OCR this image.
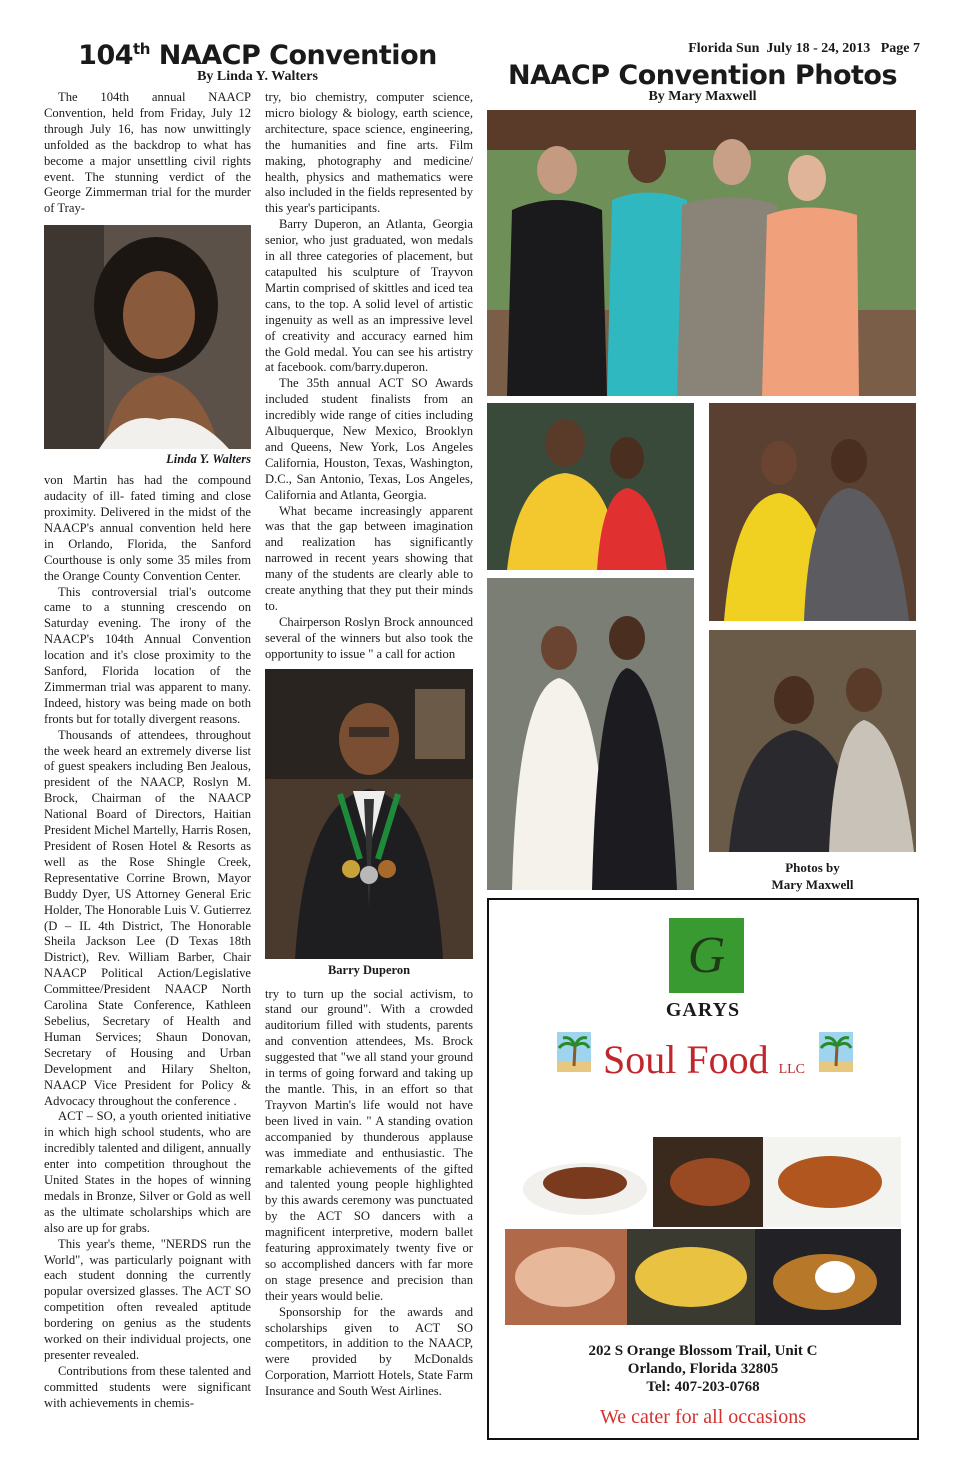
104th NAACP Convention
By Linda Y. Walters
Florida Sun  July 18 - 24, 2013   Page 7
NAACP Convention Photos
By Mary Maxwell

The 104th annual NAACP Convention, held from Friday, July 12 through July 16, has now unwittingly unfolded as the backdrop to what has become a major unsettling civil rights event. The stunning verdict of the George Zimmerman trial for the murder of Tray-

Linda Y. Walters

von Martin has had the compound audacity of ill- fated timing and close proximity. Delivered in the midst of the NAACP's annual convention held here in Orlando, Florida, the Sanford Courthouse is only some 35 miles from the Orange County Convention Center.

This controversial trial's outcome came to a stunning crescendo on Saturday evening. The irony of the NAACP's 104th Annual Convention location and it's close proximity to the Sanford, Florida location of the Zimmerman trial was apparent to many. Indeed, history was being made on both fronts but for totally divergent reasons.

Thousands of attendees, throughout the week heard an extremely diverse list of guest speakers including Ben Jealous, president of the NAACP, Roslyn M. Brock, Chairman of the NAACP National Board of Directors, Haitian President Michel Martelly, Harris Rosen, President of Rosen Hotel & Resorts as well as the Rose Shingle Creek, Representative Corrine Brown, Mayor Buddy Dyer, US Attorney General Eric Holder, The Honorable Luis V. Gutierrez (D – IL 4th District, The Honorable Sheila Jackson Lee (D Texas 18th District), Rev. William Barber, Chair NAACP Political Action/Legislative Committee/President NAACP North Carolina State Conference, Kathleen Sebelius, Secretary of Health and Human Services; Shaun Donovan, Secretary of Housing and Urban Development and Hilary Shelton, NAACP Vice President for Policy & Advocacy throughout the conference .

ACT – SO, a youth oriented initiative in which high school students, who are incredibly talented and diligent, annually enter into competition throughout the United States in the hopes of winning medals in Bronze, Silver or Gold as well as the ultimate scholarships which are also are up for grabs.

This year's theme, "NERDS run the World", was particularly poignant with each student donning the currently popular oversized glasses. The ACT SO competition often revealed aptitude bordering on genius as the students worked on their individual projects, one presenter revealed.

Contributions from these talented and committed students were significant with achievements in chemis-

try, bio chemistry, computer science, micro biology & biology, earth science, architecture, space science, engineering, the humanities and fine arts. Film making, photography and medicine/ health, physics and mathematics were also included in the fields represented by this year's participants.

Barry Duperon, an Atlanta, Georgia senior, who just graduated, won medals in all three categories of placement, but catapulted his sculpture of Trayvon Martin comprised of skittles and iced tea cans, to the top. A solid level of artistic ingenuity as well as an impressive level of creativity and accuracy earned him the Gold medal. You can see his artistry at facebook. com/barry.duperon.

The 35th annual ACT SO Awards included student finalists from an incredibly wide range of cities including Albuquerque, New Mexico, Brooklyn and Queens, New York, Los Angeles California, Houston, Texas, Washington, D.C., San Antonio, Texas, Los Angeles, California and Atlanta, Georgia.

What became increasingly apparent was that the gap between imagination and realization has significantly narrowed in recent years showing that many of the students are clearly able to create anything that they put their minds to.

Chairperson Roslyn Brock announced several of the winners but also took the opportunity to issue " a call for action

Barry Duperon

try to turn up the social activism, to stand our ground". With a crowded auditorium filled with students, parents and convention attendees, Ms. Brock suggested that "we all stand your ground in terms of going forward and taking up the mantle. This, in an effort so that Trayvon Martin's life would not have been lived in vain. " A standing ovation accompanied by thunderous applause was immediate and enthusiastic. The remarkable achievements of the gifted and talented young people highlighted by this awards ceremony was punctuated by the ACT SO dancers with a magnificent interpretive, modern ballet featuring approximately twenty five or so accomplished dancers with far more on stage presence and precision than their years would belie.

Sponsorship for the awards and scholarships given to ACT SO competitors, in addition to the NAACP, were provided by McDonalds Corporation, Marriott Hotels, State Farm Insurance and South West Airlines.

Photos by
Mary Maxwell
G
GARYS
Soul Food LLC
202 S Orange Blossom Trail, Unit C
Orlando, Florida 32805
Tel: 407-203-0768
We cater for all occasions
